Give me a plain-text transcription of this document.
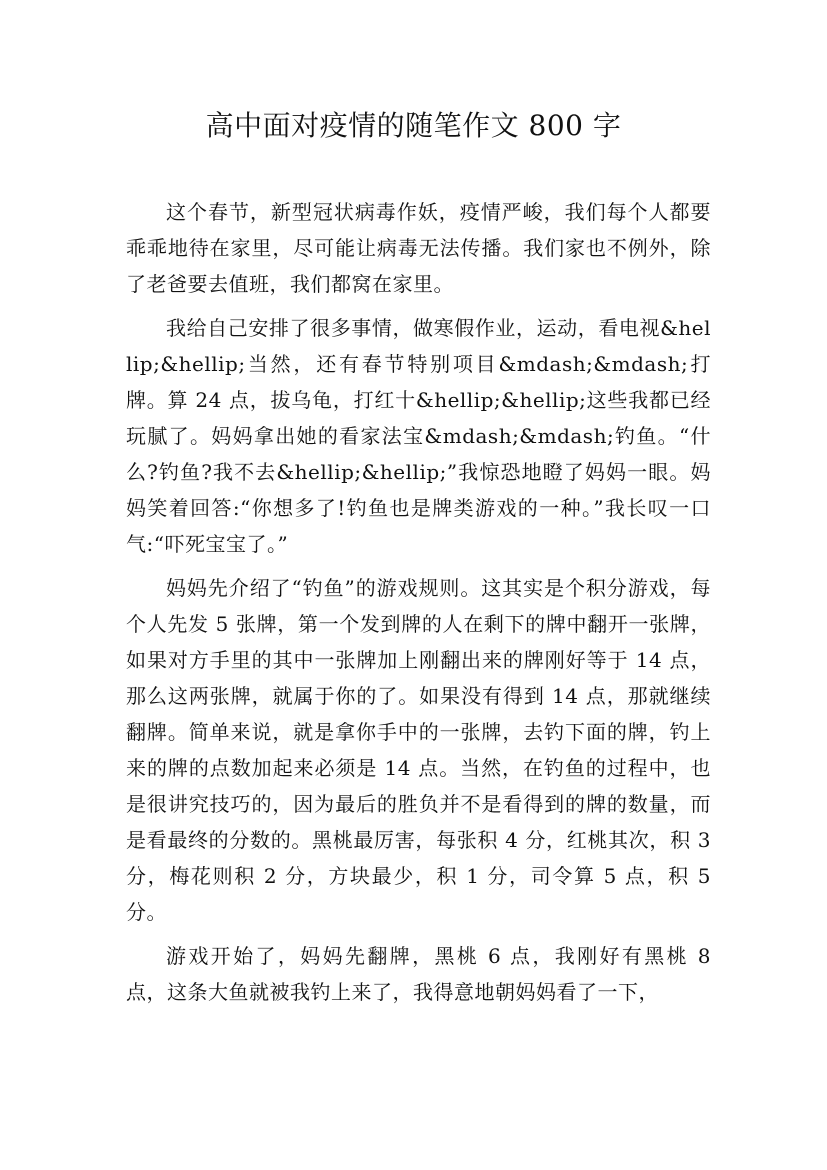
高中面对疫情的随笔作文 800 字

这个春节，新型冠状病毒作妖，疫情严峻，我们每个人都要乖乖地待在家里，尽可能让病毒无法传播。我们家也不例外，除了老爸要去值班，我们都窝在家里。

我给自己安排了很多事情，做寒假作业，运动，看电视&hellip;&hellip;当然，还有春节特别项目&mdash;&mdash;打牌。算 24 点，拔乌龟，打红十&hellip;&hellip;这些我都已经玩腻了。妈妈拿出她的看家法宝&mdash;&mdash;钓鱼。“什么?钓鱼?我不去&hellip;&hellip;”我惊恐地瞪了妈妈一眼。妈妈笑着回答:“你想多了!钓鱼也是牌类游戏的一种。”我长叹一口气:“吓死宝宝了。”

妈妈先介绍了“钓鱼”的游戏规则。这其实是个积分游戏，每个人先发 5 张牌，第一个发到牌的人在剩下的牌中翻开一张牌，如果对方手里的其中一张牌加上刚翻出来的牌刚好等于 14 点，那么这两张牌，就属于你的了。如果没有得到 14 点，那就继续翻牌。简单来说，就是拿你手中的一张牌，去钓下面的牌，钓上来的牌的点数加起来必须是 14 点。当然，在钓鱼的过程中，也是很讲究技巧的，因为最后的胜负并不是看得到的牌的数量，而是看最终的分数的。黑桃最厉害，每张积 4 分，红桃其次，积 3 分，梅花则积 2 分，方块最少，积 1 分，司令算 5 点，积 5 分。

游戏开始了，妈妈先翻牌，黑桃 6 点，我刚好有黑桃 8 点，这条大鱼就被我钓上来了，我得意地朝妈妈看了一下，
